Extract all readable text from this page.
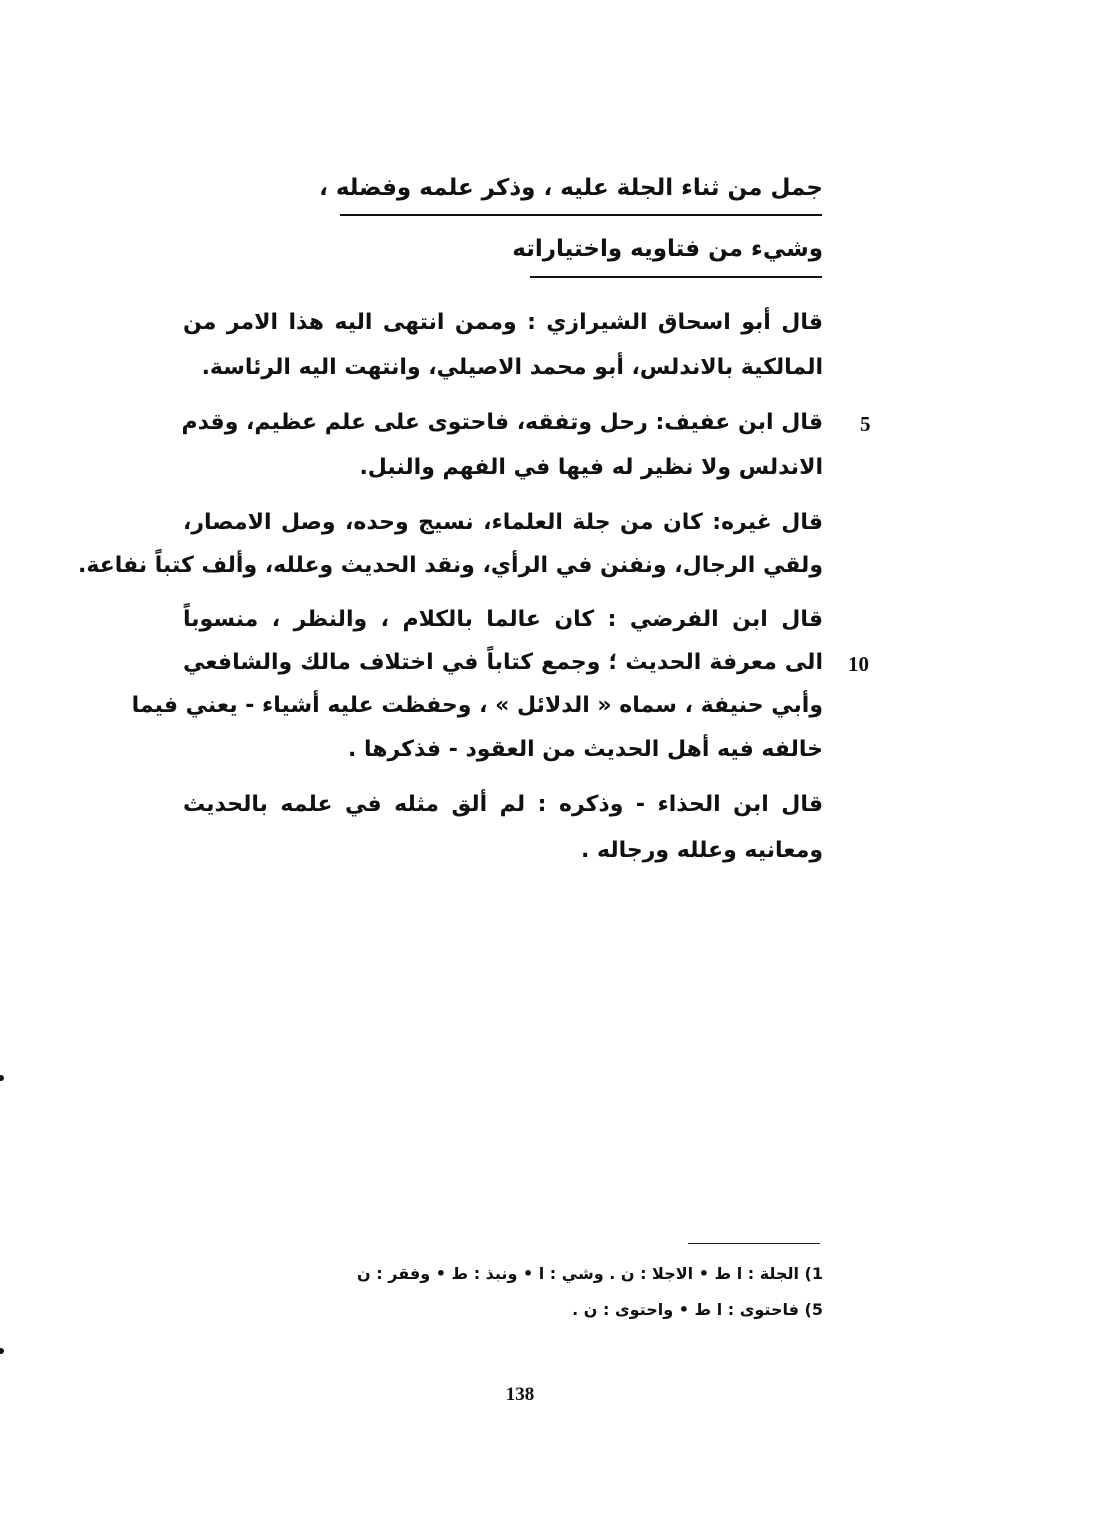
جمل من ثناء الجلة عليه ، وذكر علمه وفضله ،
وشيء من فتاويه واختياراته
قال أبو اسحاق الشيرازي : وممن انتهى اليه هذا الامر من
المالكية بالاندلس، أبو محمد الاصيلي، وانتهت اليه الرئاسة.
قال ابن عفيف: رحل وتفقه، فاحتوى على علم عظيم، وقدم
الاندلس ولا نظير له فيها في الفهم والنبل.
قال غيره: كان من جلة العلماء، نسيج وحده، وصل الامصار،
ولقي الرجال، ونفنن في الرأي، ونقد الحديث وعلله، وألف كتباً نفاعة.
قال ابن الفرضي : كان عالما بالكلام ، والنظر ، منسوباً
الى معرفة الحديث ؛ وجمع كتاباً في اختلاف مالك والشافعي
وأبي حنيفة ، سماه « الدلائل » ، وحفظت عليه أشياء - يعني فيما
خالفه فيه أهل الحديث من العقود - فذكرها .
قال ابن الحذاء - وذكره : لم ألق مثله في علمه بالحديث
ومعانيه وعلله ورجاله .
5
10
1) الجلة : ا ط • الاجلا : ن . وشي : ا • ونبذ : ط • وفقر : ن
5) فاحتوى : ا ط • واحتوى : ن .
138
